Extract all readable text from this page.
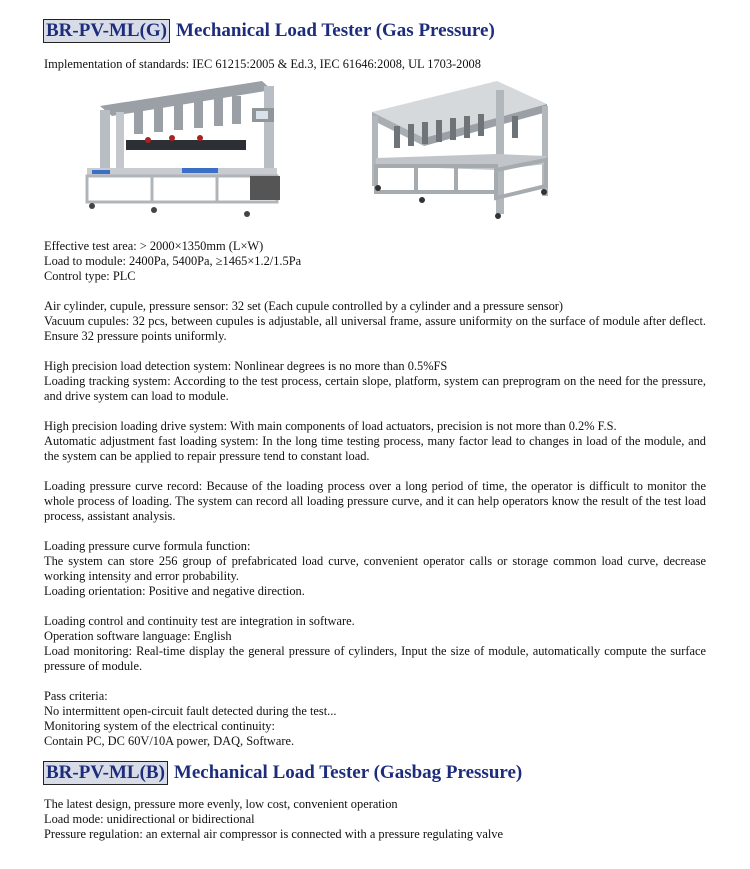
BR-PV-ML(G) Mechanical Load Tester (Gas Pressure)

Implementation of standards: IEC 61215:2005 & Ed.3, IEC 61646:2008, UL 1703-2008

Effective test area: > 2000×1350mm (L×W)

Load to module: 2400Pa, 5400Pa, ≥1465×1.2/1.5Pa

Control type: PLC

Air cylinder, cupule, pressure sensor: 32 set (Each cupule controlled by a cylinder and a pressure sensor)

Vacuum cupules: 32 pcs, between cupules is adjustable, all universal frame, assure uniformity on the surface of module after deflect. Ensure 32 pressure points uniformly.

High precision load detection system: Nonlinear degrees is no more than 0.5%FS

Loading tracking system: According to the test process, certain slope, platform, system can preprogram on the need for the pressure, and drive system can load to module.

High precision loading drive system: With main components of load actuators, precision is not more than 0.2% F.S.

Automatic adjustment fast loading system: In the long time testing process, many factor lead to changes in load of the module, and the system can be applied to repair pressure tend to constant load.

Loading pressure curve record: Because of the loading process over a long period of time, the operator is difficult to monitor the whole process of loading. The system can record all loading pressure curve, and it can help operators know the result of the test load process, assistant analysis.

Loading pressure curve formula function:

The system can store 256 group of prefabricated load curve, convenient operator calls or storage common load curve, decrease working intensity and error probability.

Loading orientation: Positive and negative direction.

Loading control and continuity test are integration in software.

Operation software language: English

Load monitoring: Real-time display the general pressure of cylinders, Input the size of module, automatically compute the surface pressure of module.

Pass criteria:

No intermittent open-circuit fault detected during the test...

Monitoring system of the electrical continuity:

Contain PC, DC 60V/10A power, DAQ, Software.

BR-PV-ML(B) Mechanical Load Tester (Gasbag Pressure)

The latest design, pressure more evenly, low cost, convenient operation

Load mode: unidirectional or bidirectional

Pressure regulation: an external air compressor is connected with a pressure regulating valve
